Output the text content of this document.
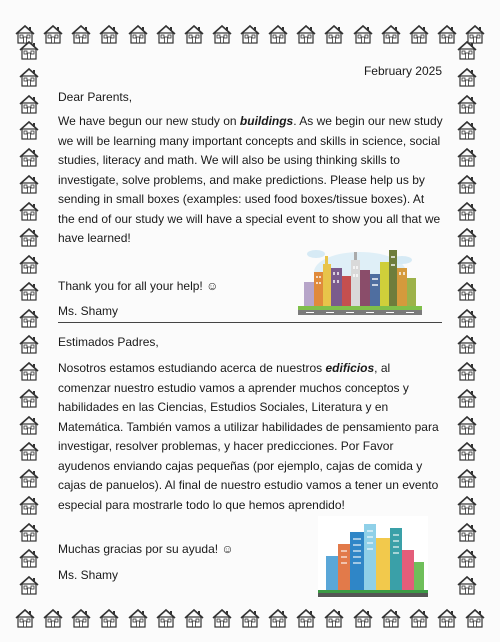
February 2025

Dear Parents,

We have begun our new study on buildings. As we begin our new study we will be learning many important concepts and skills in science, social studies, literacy and math. We will also be using thinking skills to investigate, solve problems, and make predictions. Please help us by sending in small boxes (examples: used food boxes/tissue boxes). At the end of our study we will have a special event to show you all that we have learned!

Thank you for all your help! ☺

Ms. Shamy

Estimados Padres,

Nosotros estamos estudiando acerca de nuestros edificios, al comenzar nuestro estudio vamos a aprender muchos conceptos y habilidades en las Ciencias, Estudios Sociales, Literatura y en Matemática. También vamos a utilizar habilidades de pensamiento para investigar, resolver problemas, y hacer predicciones. Por Favor ayudenos enviando cajas pequeñas (por ejemplo, cajas de comida y cajas de panuelos). Al final de nuestro estudio vamos a tener un evento especial para mostrarle todo lo que hemos aprendido!

Muchas gracias por su ayuda! ☺

Ms. Shamy
